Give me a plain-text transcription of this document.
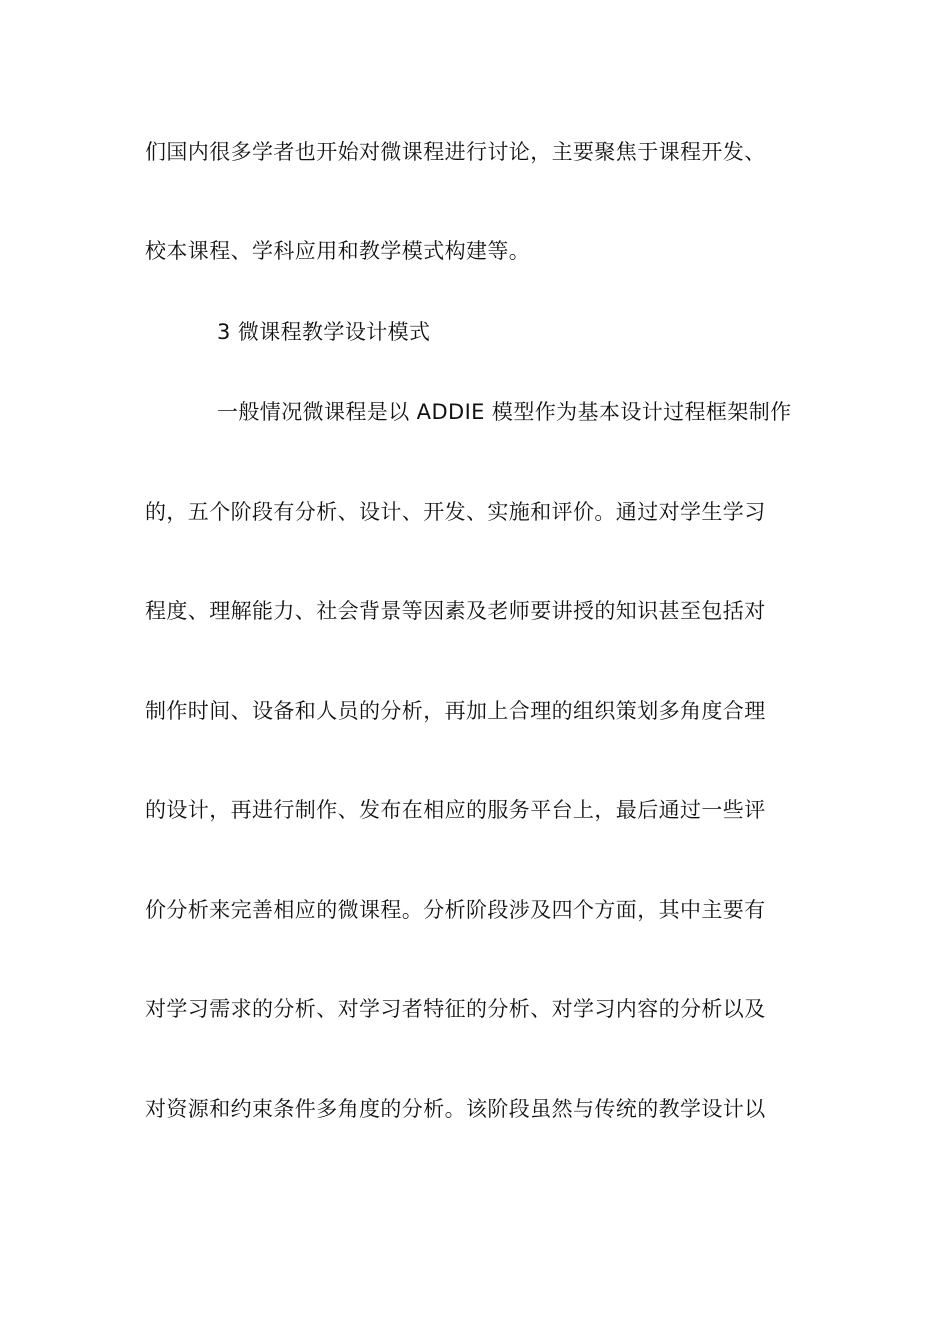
们国内很多学者也开始对微课程进行讨论，主要聚焦于课程开发、
校本课程、学科应用和教学模式构建等。
3 微课程教学设计模式
一般情况微课程是以 ADDIE 模型作为基本设计过程框架制作
的，五个阶段有分析、设计、开发、实施和评价。通过对学生学习
程度、理解能力、社会背景等因素及老师要讲授的知识甚至包括对
制作时间、设备和人员的分析，再加上合理的组织策划多角度合理
的设计，再进行制作、发布在相应的服务平台上，最后通过一些评
价分析来完善相应的微课程。分析阶段涉及四个方面，其中主要有
对学习需求的分析、对学习者特征的分析、对学习内容的分析以及
对资源和约束条件多角度的分析。该阶段虽然与传统的教学设计以
